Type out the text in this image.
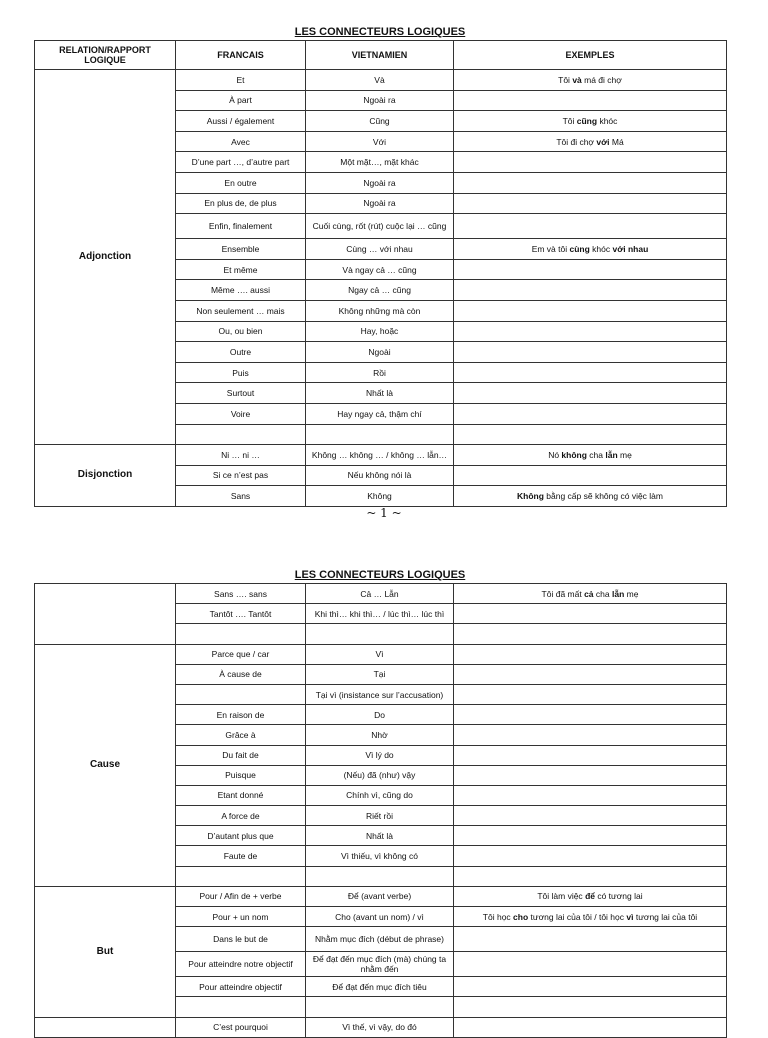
LES CONNECTEURS LOGIQUES
RELATION/RAPPORT LOGIQUE	FRANCAIS	VIETNAMIEN	EXEMPLES
Adjonction	Et	Và	Tôi và má đi chợ
	À part	Ngoài ra	
	Aussi / également	Cũng	Tôi cũng khóc
	Avec	Với	Tôi đi chợ với Má
	D’une part …, d’autre part	Một mặt…, mặt khác	
	En outre	Ngoài ra	
	En plus de, de plus	Ngoài ra	
	Enfin, finalement	Cuối cùng, rốt (rút) cuộc lại … cũng	
	Ensemble	Cùng … với nhau	Em và tôi cùng khóc với nhau
	Et même	Và ngay cả … cũng	
	Même …. aussi	Ngay cả … cũng	
	Non seulement … mais	Không những mà còn	
	Ou, ou bien	Hay, hoặc	
	Outre	Ngoài	
	Puis	Rồi	
	Surtout	Nhất là	
	Voire	Hay ngay cả, thậm chí	

Disjonction	Ni … ni …	Không … không … / không … lẫn…	Nó không cha lẫn mẹ
	Si ce n’est pas	Nếu không nói là	
	Sans	Không	Không bằng cấp sẽ không có việc làm
~ 1 ~
LES CONNECTEURS LOGIQUES
	Sans …. sans	Cả … Lẫn	Tôi đã mất cả cha lẫn mẹ
	Tantôt …. Tantôt	Khi thì… khi thì… / lúc thì… lúc thì	

Cause	Parce que / car	Vì	
	À cause de	Tại	
		Tại vì (insistance sur l’accusation)	
	En raison de	Do	
	Grâce à	Nhờ	
	Du fait de	Vì lý do	
	Puisque	(Nếu) đã (như) vậy	
	Etant donné	Chính vì, cũng do	
	A force de	Riết rồi	
	D’autant plus que	Nhất là	
	Faute de	Vì thiếu, vì không có	

But	Pour / Afin de + verbe	Để (avant verbe)	Tôi làm việc để có tương lai
	Pour + un nom	Cho (avant un nom) / vì	Tôi học cho tương lai của tôi / tôi học vì tương lai của tôi
	Dans le but de	Nhằm mục đích (début de phrase)	
	Pour atteindre notre objectif	Để đạt đến mục đích (mà) chúng ta nhằm đến	
	Pour atteindre objectif	Để đạt đến mục đích tiêu	

	C’est pourquoi	Vì thế, vì vậy, do đó	
